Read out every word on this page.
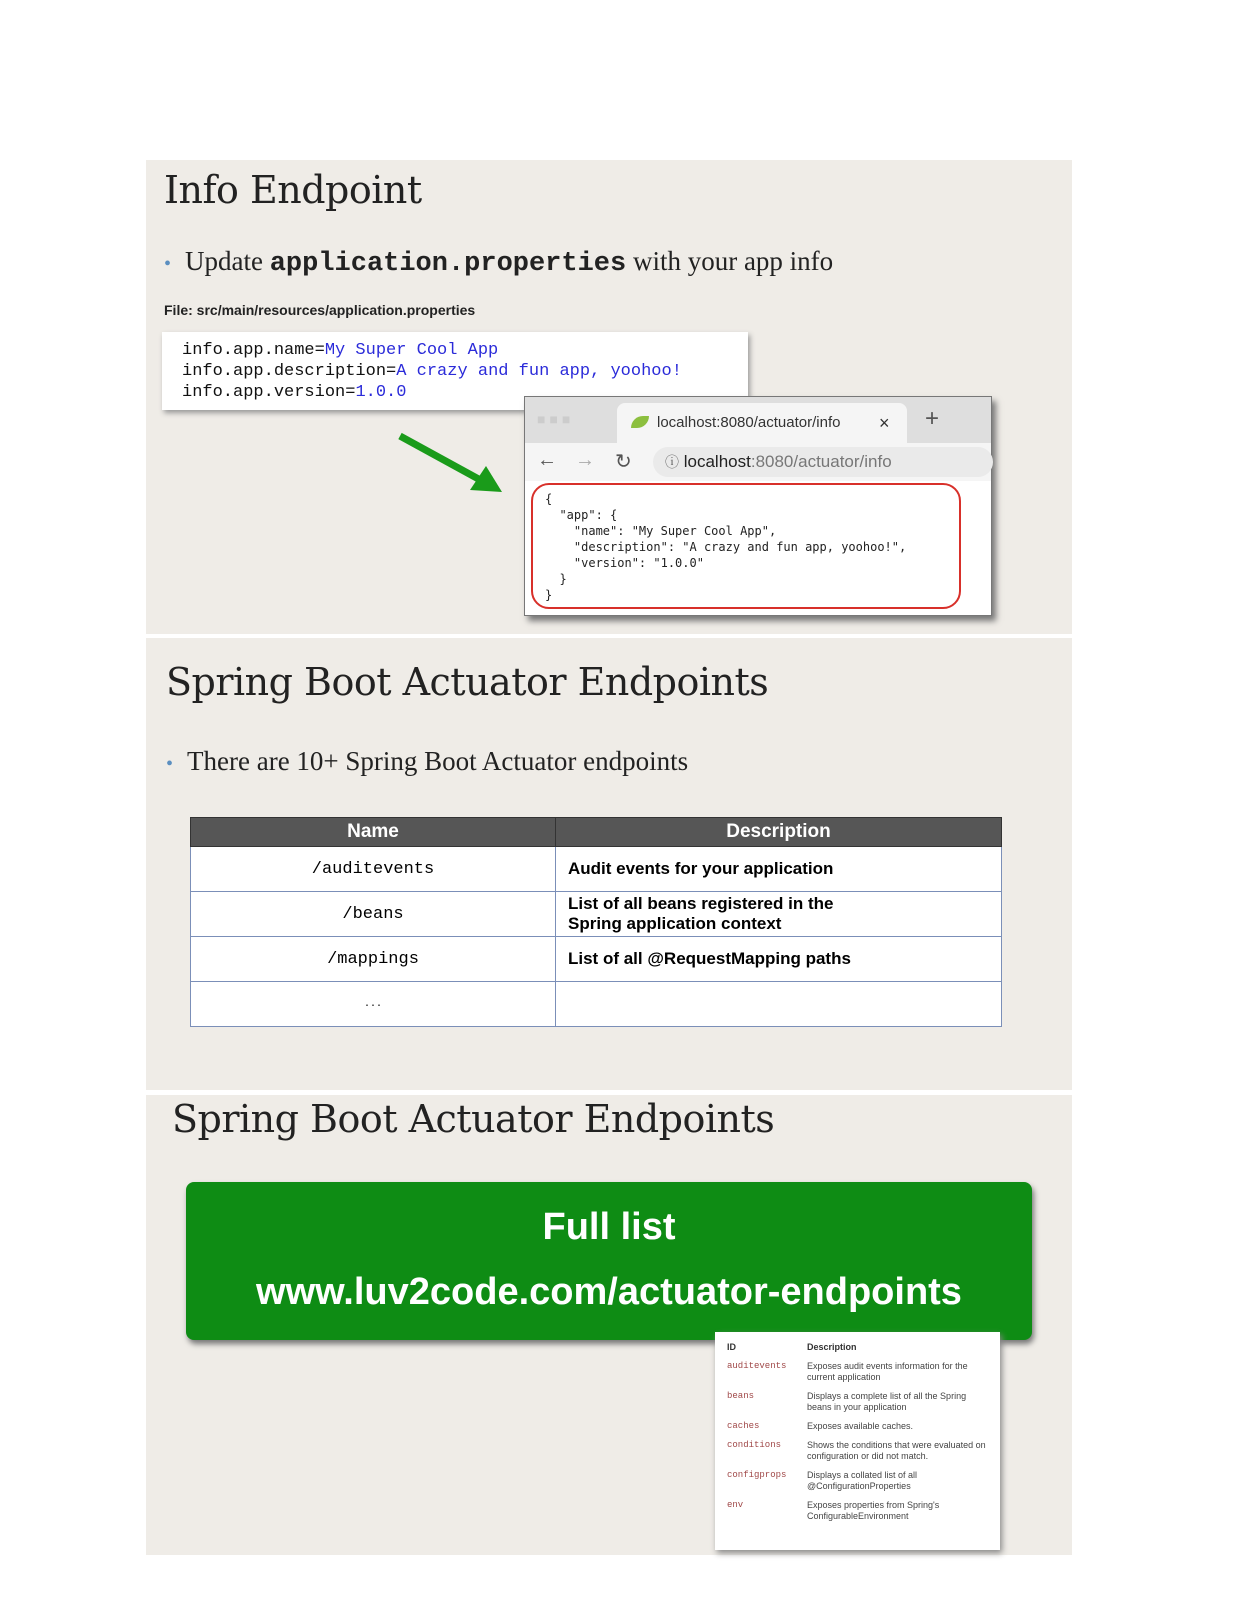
Info Endpoint
• Update application.properties with your app info
File: src/main/resources/application.properties
info.app.name=My Super Cool App
info.app.description=A crazy and fun app, yoohoo!
info.app.version=1.0.0
■■■	localhost:8080/actuator/info × +
← → ↻	ⓘ localhost:8080/actuator/info
{
"app": {
"name": "My Super Cool App",
"description": "A crazy and fun app, yoohoo!",
"version": "1.0.0"
}
}
Spring Boot Actuator Endpoints
• There are 10+ Spring Boot Actuator endpoints
Name	Description
/auditevents	Audit events for your application
/beans	List of all beans registered in the Spring application context
/mappings	List of all @RequestMapping paths
...	
Spring Boot Actuator Endpoints
Full list
www.luv2code.com/actuator-endpoints
ID	Description
auditevents	Exposes audit events information for the current application
beans	Displays a complete list of all the Spring beans in your application
caches	Exposes available caches.
conditions	Shows the conditions that were evaluated on configuration or did not match.
configprops	Displays a collated list of all @ConfigurationProperties
env	Exposes properties from Spring's ConfigurableEnvironment
